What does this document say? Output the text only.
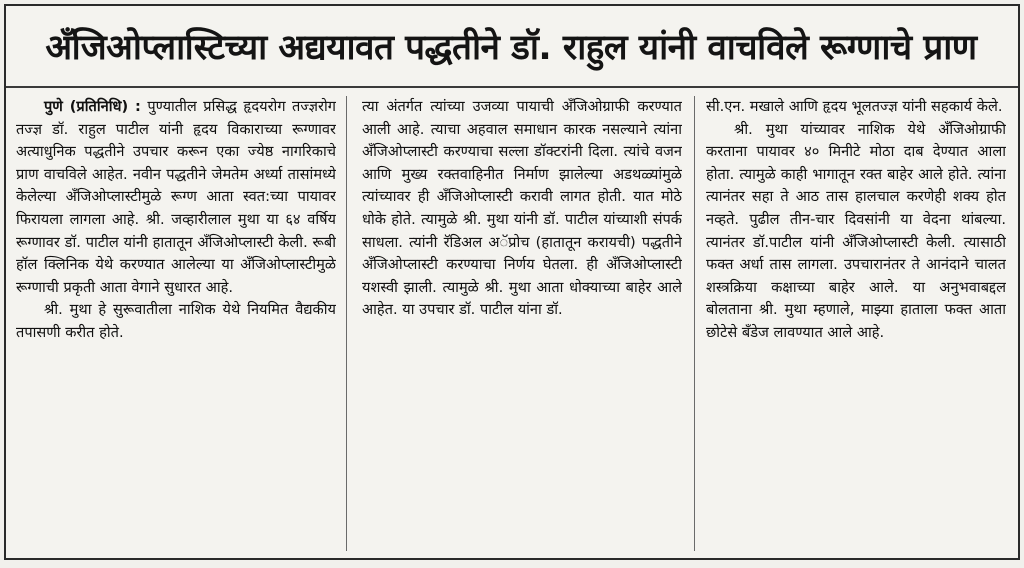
अँजिओप्लास्टिच्या अद्ययावत पद्धतीने डॉ. राहुल यांनी वाचविले रूग्णाचे प्राण

पुणे (प्रतिनिधि) : पुण्यातील प्रसिद्ध हृदयरोग तज्ज्ञरोग तज्ज्ञ डॉ. राहुल पाटील यांनी हृदय विकाराच्या रूग्णावर अत्याधुनिक पद्धतीने उपचार करून एका ज्येष्ठ नागरिकाचे प्राण वाचविले आहेत. नवीन पद्धतीने जेमतेम अर्ध्या तासांमध्ये केलेल्या अँजिओप्लास्टीमुळे रूग्ण आता स्वत:च्या पायावर फिरायला लागला आहे. श्री. जव्हारीलाल मुथा या ६४ वर्षिय रूग्णावर डॉ. पाटील यांनी हातातून अँजिओप्लास्टी केली. रूबी हॉल क्लिनिक येथे करण्यात आलेल्या या अँजिओप्लास्टीमुळे रूग्णाची प्रकृती आता वेगाने सुधारत आहे.

श्री. मुथा हे सुरूवातीला नाशिक येथे नियमित वैद्यकीय तपासणी करीत होते.

त्या अंतर्गत त्यांच्या उजव्या पायाची अँजिओग्राफी करण्यात आली आहे. त्याचा अहवाल समाधान कारक नसल्याने त्यांना अँजिओप्लास्टी करण्याचा सल्ला डॉक्टरांनी दिला. त्यांचे वजन आणि मुख्य रक्तवाहिनीत निर्माण झालेल्या अडथळ्यांमुळे त्यांच्यावर ही अँजिओप्लास्टी करावी लागत होती. यात मोठे धोके होते. त्यामुळे श्री. मुथा यांनी डॉ. पाटील यांच्याशी संपर्क साधला. त्यांनी रॅडिअल अॅप्रोच (हातातून करायची) पद्धतीने अँजिओप्लास्टी करण्याचा निर्णय घेतला. ही अँजिओप्लास्टी यशस्वी झाली. त्यामुळे श्री. मुथा आता धोक्याच्या बाहेर आले आहेत. या उपचार डॉ. पाटील यांना डॉ.

सी.एन. मखाले आणि हृदय भूलतज्ज्ञ यांनी सहकार्य केले.

श्री. मुथा यांच्यावर नाशिक येथे अँजिओग्राफी करताना पायावर ४० मिनीटे मोठा दाब देण्यात आला होता. त्यामुळे काही भागातून रक्त बाहेर आले होते. त्यांना त्यानंतर सहा ते आठ तास हालचाल करणेही शक्य होत नव्हते. पुढील तीन-चार दिवसांनी या वेदना थांबल्या. त्यानंतर डॉ.पाटील यांनी अँजिओप्लास्टी केली. त्यासाठी फक्त अर्धा तास लागला. उपचारानंतर ते आनंदाने चालत शस्त्रक्रिया कक्षाच्या बाहेर आले. या अनुभवाबद्दल बोलताना श्री. मुथा म्हणाले, माझ्या हाताला फक्त आता छोटेसे बँडेज लावण्यात आले आहे.
